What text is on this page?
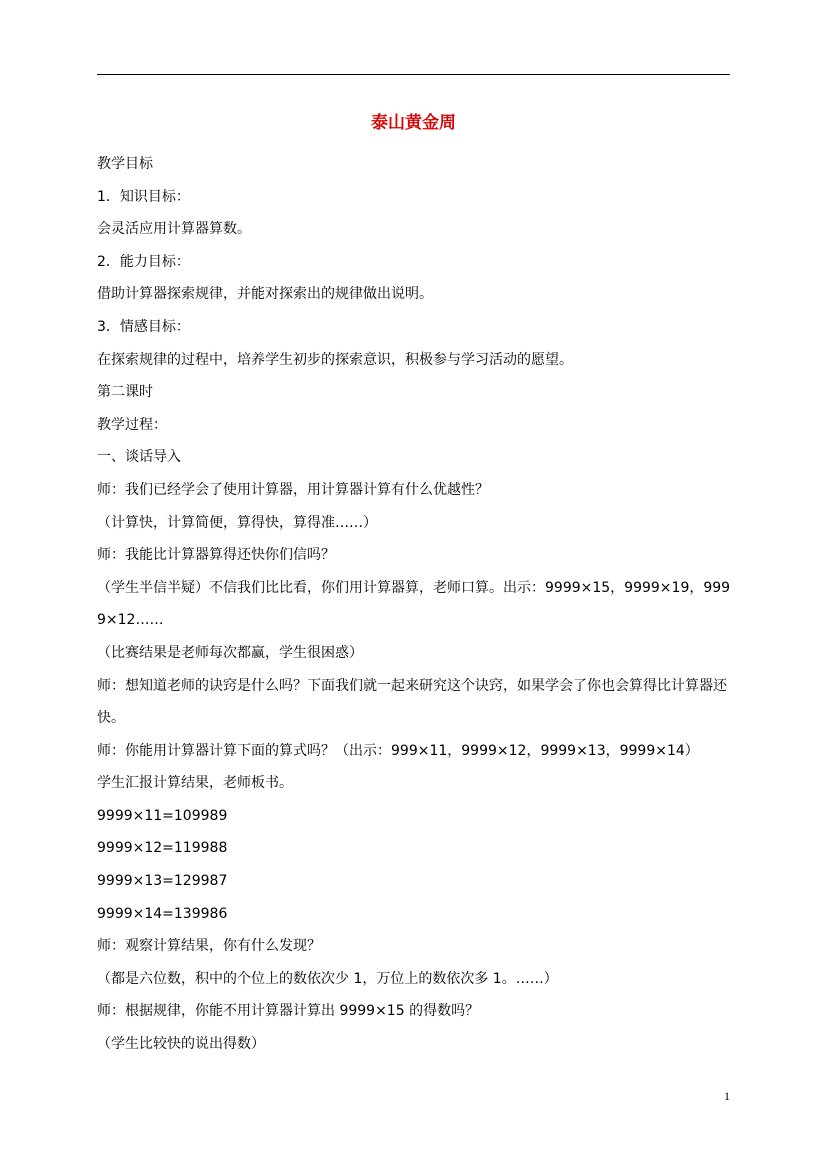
泰山黄金周

教学目标

1．知识目标：

会灵活应用计算器算数。

2．能力目标：

借助计算器探索规律，并能对探索出的规律做出说明。

3．情感目标：

在探索规律的过程中，培养学生初步的探索意识，积极参与学习活动的愿望。

第二课时

教学过程：

一、谈话导入

师：我们已经学会了使用计算器，用计算器计算有什么优越性？

（计算快，计算简便，算得快，算得准……）

师：我能比计算器算得还快你们信吗？

（学生半信半疑）不信我们比比看，你们用计算器算，老师口算。出示：9999×15，9999×19，9999×12……

（比赛结果是老师每次都赢，学生很困惑）

师：想知道老师的诀窍是什么吗？下面我们就一起来研究这个诀窍，如果学会了你也会算得比计算器还快。

师：你能用计算器计算下面的算式吗？（出示：999×11，9999×12，9999×13，9999×14）

学生汇报计算结果，老师板书。

9999×11=109989

9999×12=119988

9999×13=129987

9999×14=139986

师：观察计算结果，你有什么发现？

（都是六位数，积中的个位上的数依次少 1，万位上的数依次多 1。……）

师：根据规律，你能不用计算器计算出 9999×15 的得数吗？

（学生比较快的说出得数）

1
